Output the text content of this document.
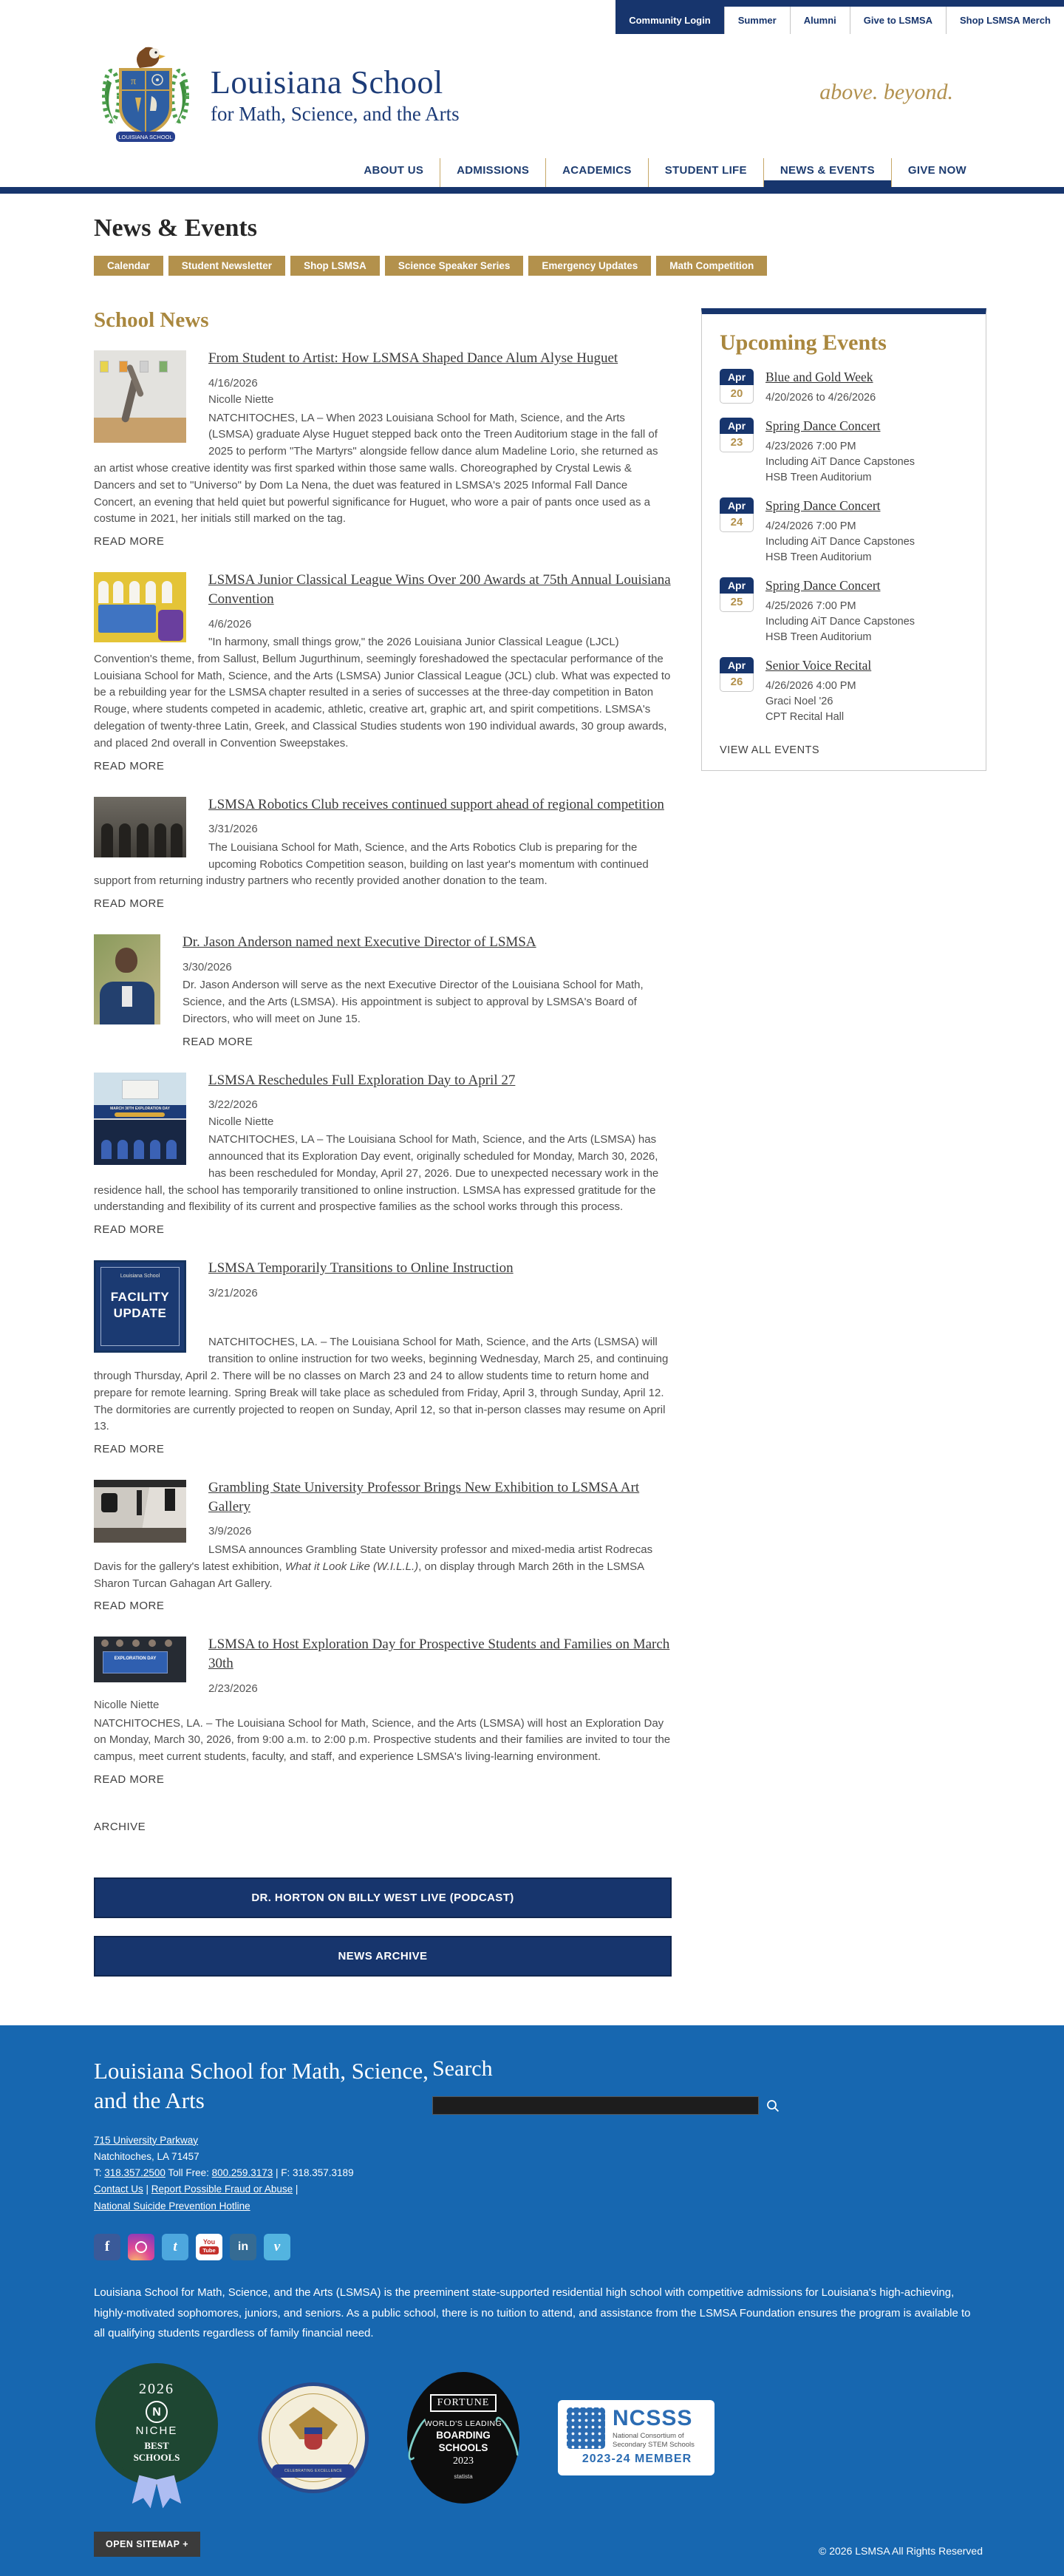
Community Login	Summer	Alumni	Give to LSMSA	Shop LSMSA Merch
π
LOUISIANA SCHOOL
Louisiana School
for Math, Science, and the Arts
above. beyond.
ABOUT US	ADMISSIONS	ACADEMICS	STUDENT LIFE	NEWS & EVENTS	GIVE NOW
News & Events
Calendar	Student Newsletter	Shop LSMSA	Science Speaker Series	Emergency Updates	Math Competition
School News
From Student to Artist: How LSMSA Shaped Dance Alum Alyse Huguet
4/16/2026
Nicolle Niette

NATCHITOCHES, LA – When 2023 Louisiana School for Math, Science, and the Arts (LSMSA) graduate Alyse Huguet stepped back onto the Treen Auditorium stage in the fall of 2025 to perform "The Martyrs" alongside fellow dance alum Madeline Lorio, she returned as an artist whose creative identity was first sparked within those same walls. Choreographed by Crystal Lewis & Dancers and set to "Universo" by Dom La Nena, the duet was featured in LSMSA's 2025 Informal Fall Dance Concert, an evening that held quiet but powerful significance for Huguet, who wore a pair of pants once used as a costume in 2021, her initials still marked on the tag.

READ MORE
LSMSA Junior Classical League Wins Over 200 Awards at 75th Annual Louisiana Convention
4/6/2026

"In harmony, small things grow," the 2026 Louisiana Junior Classical League (LJCL) Convention's theme, from Sallust, Bellum Jugurthinum, seemingly foreshadowed the spectacular performance of the Louisiana School for Math, Science, and the Arts (LSMSA) Junior Classical League (JCL) club. What was expected to be a rebuilding year for the LSMSA chapter resulted in a series of successes at the three-day competition in Baton Rouge, where students competed in academic, athletic, creative art, graphic art, and spirit competitions. LSMSA's delegation of twenty-three Latin, Greek, and Classical Studies students won 190 individual awards, 30 group awards, and placed 2nd overall in Convention Sweepstakes.

READ MORE
LSMSA Robotics Club receives continued support ahead of regional competition
3/31/2026

The Louisiana School for Math, Science, and the Arts Robotics Club is preparing for the upcoming Robotics Competition season, building on last year's momentum with continued support from returning industry partners who recently provided another donation to the team.

READ MORE
Dr. Jason Anderson named next Executive Director of LSMSA
3/30/2026

Dr. Jason Anderson will serve as the next Executive Director of the Louisiana School for Math, Science, and the Arts (LSMSA). His appointment is subject to approval by LSMSA's Board of Directors, who will meet on June 15.

READ MORE
MARCH 30TH EXPLORATION DAY
LSMSA Reschedules Full Exploration Day to April 27
3/22/2026
Nicolle Niette

NATCHITOCHES, LA – The Louisiana School for Math, Science, and the Arts (LSMSA) has announced that its Exploration Day event, originally scheduled for Monday, March 30, 2026, has been rescheduled for Monday, April 27, 2026. Due to unexpected necessary work in the residence hall, the school has temporarily transitioned to online instruction. LSMSA has expressed gratitude for the understanding and flexibility of its current and prospective families as the school works through this process.

READ MORE
Louisiana School
FACILITY
UPDATE
LSMSA Temporarily Transitions to Online Instruction
3/21/2026

NATCHITOCHES, LA. – The Louisiana School for Math, Science, and the Arts (LSMSA) will transition to online instruction for two weeks, beginning Wednesday, March 25, and continuing through Thursday, April 2. There will be no classes on March 23 and 24 to allow students time to return home and prepare for remote learning. Spring Break will take place as scheduled from Friday, April 3, through Sunday, April 12. The dormitories are currently projected to reopen on Sunday, April 12, so that in-person classes may resume on April 13.

READ MORE
Grambling State University Professor Brings New Exhibition to LSMSA Art Gallery
3/9/2026

LSMSA announces Grambling State University professor and mixed-media artist Rodrecas Davis for the gallery's latest exhibition, What it Look Like (W.I.L.L.), on display through March 26th in the LSMSA Sharon Turcan Gahagan Art Gallery.

READ MORE
EXPLORATION DAY
LSMSA to Host Exploration Day for Prospective Students and Families on March 30th
2/23/2026
Nicolle Niette

NATCHITOCHES, LA. – The Louisiana School for Math, Science, and the Arts (LSMSA) will host an Exploration Day on Monday, March 30, 2026, from 9:00 a.m. to 2:00 p.m. Prospective students and their families are invited to tour the campus, meet current students, faculty, and staff, and experience LSMSA's living-learning environment.

READ MORE
ARCHIVE
DR. HORTON ON BILLY WEST LIVE (PODCAST)
NEWS ARCHIVE
Upcoming Events
Apr
20
Blue and Gold Week
4/20/2026 to 4/26/2026
Apr
23
Spring Dance Concert
4/23/2026 7:00 PM
Including AiT Dance Capstones
HSB Treen Auditorium
Apr
24
Spring Dance Concert
4/24/2026 7:00 PM
Including AiT Dance Capstones
HSB Treen Auditorium
Apr
25
Spring Dance Concert
4/25/2026 7:00 PM
Including AiT Dance Capstones
HSB Treen Auditorium
Apr
26
Senior Voice Recital
4/26/2026 4:00 PM
Graci Noel '26
CPT Recital Hall
VIEW ALL EVENTS
Louisiana School for Math, Science, and the Arts
715 University Parkway
Natchitoches, LA 71457
T: 318.357.2500 Toll Free: 800.259.3173 | F: 318.357.3189
Contact Us | Report Possible Fraud or Abuse |
National Suicide Prevention Hotline
Search
f	t	You
Tube	in	v

Louisiana School for Math, Science, and the Arts (LSMSA) is the preeminent state-supported residential high school with competitive admissions for Louisiana's high-achieving, highly-motivated sophomores, juniors, and seniors. As a public school, there is no tuition to attend, and assistance from the LSMSA Foundation ensures the program is available to all qualifying students regardless of family financial need.

2026
N
NICHE
BEST
SCHOOLS
CELEBRATING EXCELLENCE
FORTUNE
WORLD'S LEADING
BOARDING
SCHOOLS
2023
statista
NCSSS
National Consortium of
Secondary STEM Schools
2023-24 MEMBER
OPEN SITEMAP +
© 2026 LSMSA All Rights Reserved
